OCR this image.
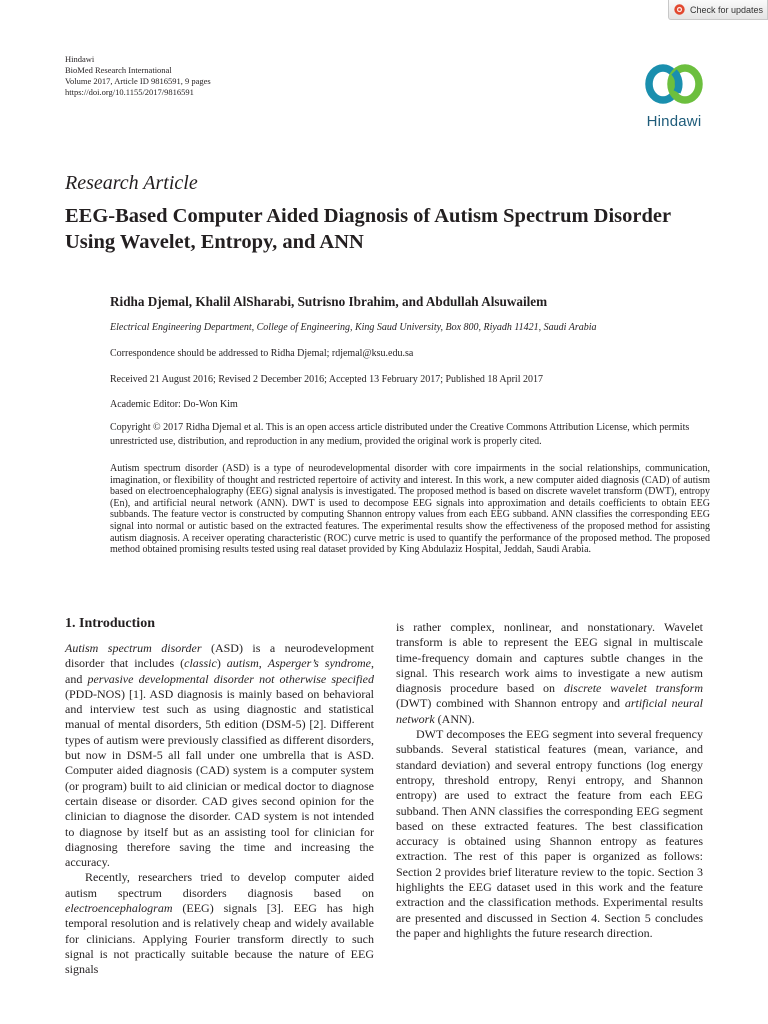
Check for updates
Hindawi
BioMed Research International
Volume 2017, Article ID 9816591, 9 pages
https://doi.org/10.1155/2017/9816591
Hindawi
Research Article
EEG-Based Computer Aided Diagnosis of Autism Spectrum Disorder Using Wavelet, Entropy, and ANN
Ridha Djemal, Khalil AlSharabi, Sutrisno Ibrahim, and Abdullah Alsuwailem
Electrical Engineering Department, College of Engineering, King Saud University, Box 800, Riyadh 11421, Saudi Arabia
Correspondence should be addressed to Ridha Djemal; rdjemal@ksu.edu.sa
Received 21 August 2016; Revised 2 December 2016; Accepted 13 February 2017; Published 18 April 2017
Academic Editor: Do-Won Kim
Copyright © 2017 Ridha Djemal et al. This is an open access article distributed under the Creative Commons Attribution License, which permits unrestricted use, distribution, and reproduction in any medium, provided the original work is properly cited.

Autism spectrum disorder (ASD) is a type of neurodevelopmental disorder with core impairments in the social relationships, communication, imagination, or flexibility of thought and restricted repertoire of activity and interest. In this work, a new computer aided diagnosis (CAD) of autism based on electroencephalography (EEG) signal analysis is investigated. The proposed method is based on discrete wavelet transform (DWT), entropy (En), and artificial neural network (ANN). DWT is used to decompose EEG signals into approximation and details coefficients to obtain EEG subbands. The feature vector is constructed by computing Shannon entropy values from each EEG subband. ANN classifies the corresponding EEG signal into normal or autistic based on the extracted features. The experimental results show the effectiveness of the proposed method for assisting autism diagnosis. A receiver operating characteristic (ROC) curve metric is used to quantify the performance of the proposed method. The proposed method obtained promising results tested using real dataset provided by King Abdulaziz Hospital, Jeddah, Saudi Arabia.

1. Introduction

Autism spectrum disorder (ASD) is a neurodevelopment disorder that includes (classic) autism, Asperger’s syndrome, and pervasive developmental disorder not otherwise specified (PDD-NOS) [1]. ASD diagnosis is mainly based on behavioral and interview test such as using diagnostic and statistical manual of mental disorders, 5th edition (DSM-5) [2]. Different types of autism were previously classified as different disorders, but now in DSM-5 all fall under one umbrella that is ASD. Computer aided diagnosis (CAD) system is a computer system (or program) built to aid clinician or medical doctor to diagnose certain disease or disorder. CAD gives second opinion for the clinician to diagnose the disorder. CAD system is not intended to diagnose by itself but as an assisting tool for clinician for diagnosing therefore saving the time and increasing the accuracy.

Recently, researchers tried to develop computer aided autism spectrum disorders diagnosis based on electroencephalogram (EEG) signals [3]. EEG has high temporal resolution and is relatively cheap and widely available for clinicians. Applying Fourier transform directly to such signal is not practically suitable because the nature of EEG signals

is rather complex, nonlinear, and nonstationary. Wavelet transform is able to represent the EEG signal in multiscale time-frequency domain and captures subtle changes in the signal. This research work aims to investigate a new autism diagnosis procedure based on discrete wavelet transform (DWT) combined with Shannon entropy and artificial neural network (ANN).

DWT decomposes the EEG segment into several frequency subbands. Several statistical features (mean, variance, and standard deviation) and several entropy functions (log energy entropy, threshold entropy, Renyi entropy, and Shannon entropy) are used to extract the feature from each EEG subband. Then ANN classifies the corresponding EEG segment based on these extracted features. The best classification accuracy is obtained using Shannon entropy as features extraction. The rest of this paper is organized as follows: Section 2 provides brief literature review to the topic. Section 3 highlights the EEG dataset used in this work and the feature extraction and the classification methods. Experimental results are presented and discussed in Section 4. Section 5 concludes the paper and highlights the future research direction.
